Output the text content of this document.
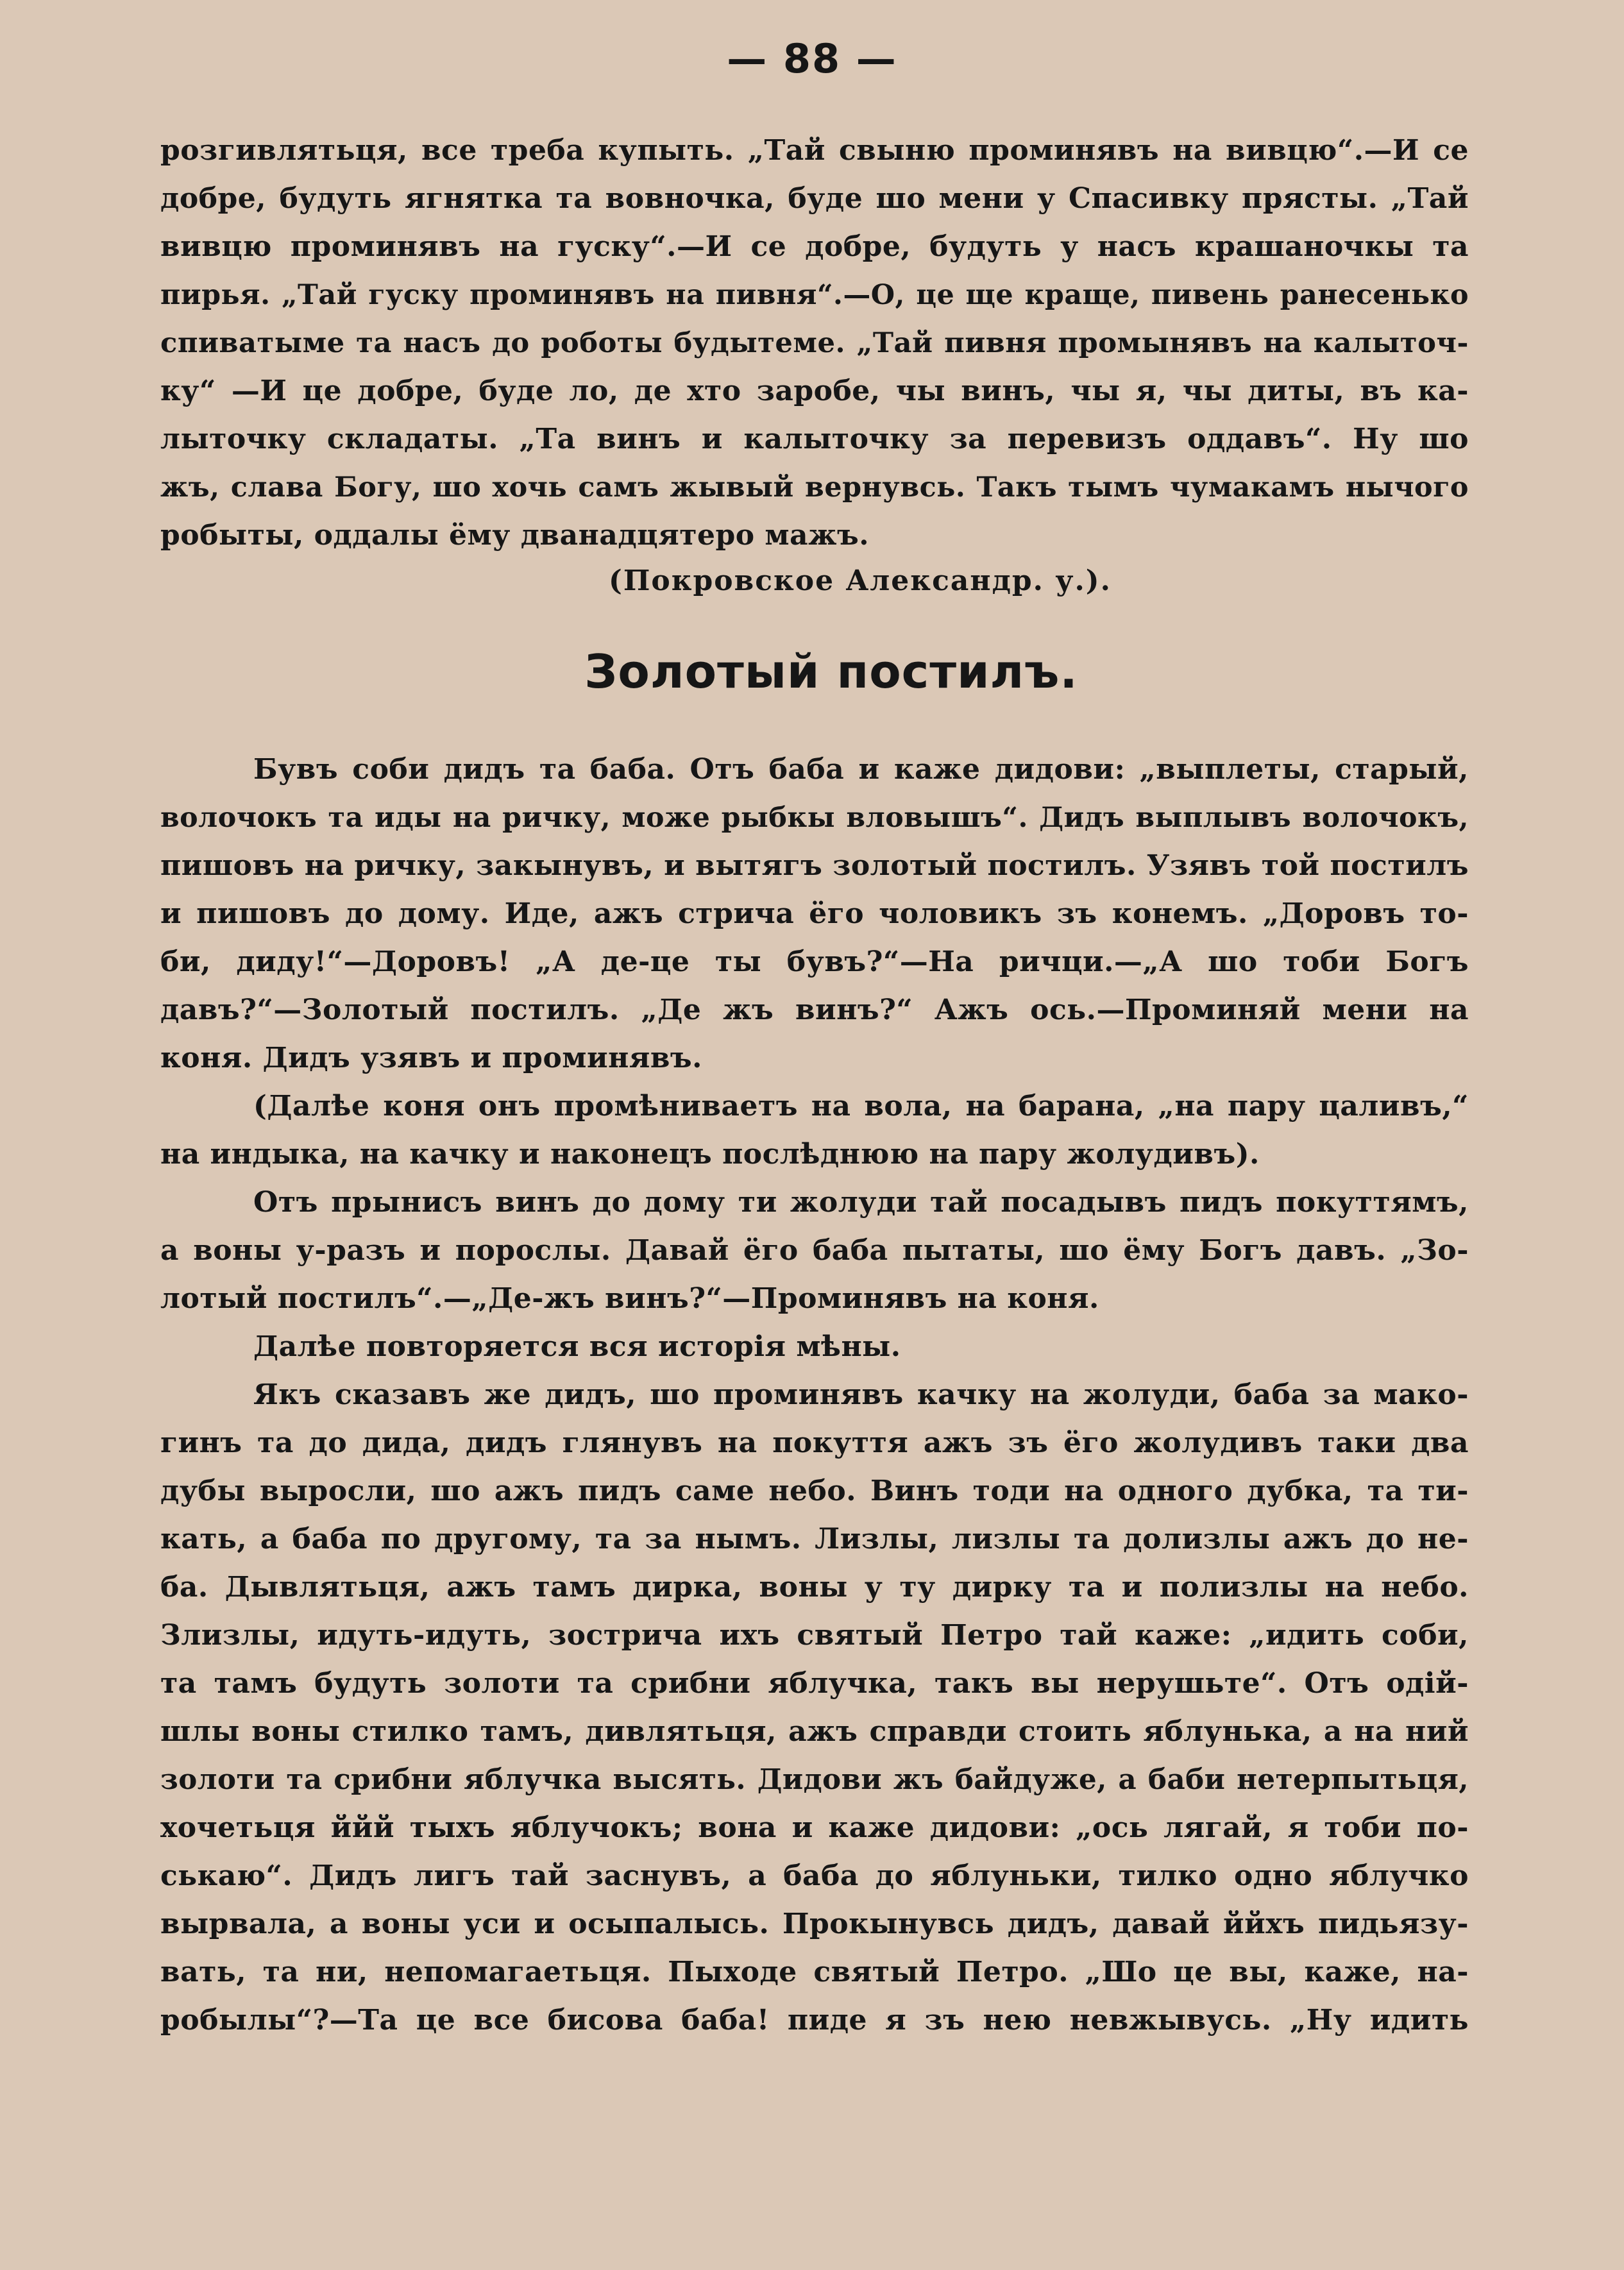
— 88 —
розгивлятьця, все треба купыть. „Тай свыню проминявъ на вивцю“.—И се
добре, будуть ягнятка та вовночка, буде шо мени у Спасивку прясты. „Тай
вивцю проминявъ на гуску“.—И се добре, будуть у насъ крашаночкы та
пирья. „Тай гуску проминявъ на пивня“.—О, це ще краще, пивень ранесенько
спиватыме та насъ до роботы будытеме. „Тай пивня промынявъ на калыточ-
ку“ —И це добре, буде ло, де хто заробе, чы винъ, чы я, чы диты, въ ка-
лыточку складаты. „Та винъ и калыточку за перевизъ оддавъ“. Ну шо
жъ, слава Богу, шо хочь самъ жывый вернувсь. Такъ тымъ чумакамъ нычого
робыты, оддалы ёму дванадцятеро мажъ.
(Покровское Александр. у.).
Золотый постилъ.
Бувъ соби дидъ та баба. Отъ баба и каже дидови: „выплеты, старый,
волочокъ та иды на ричку, може рыбкы вловышъ“. Дидъ выплывъ волочокъ,
пишовъ на ричку, закынувъ, и вытягъ золотый постилъ. Узявъ той постилъ
и пишовъ до дому. Иде, ажъ стрича ёго чоловикъ зъ конемъ. „Доровъ то-
би, диду!“—Доровъ! „А де-це ты бувъ?“—На ричци.—„А шо тоби Богъ
давъ?“—Золотый постилъ. „Де жъ винъ?“ Ажъ ось.—Проминяй мени на
коня. Дидъ узявъ и проминявъ.
(Далѣе коня онъ промѣниваетъ на вола, на барана, „на пару цаливъ,“
на индыка, на качку и наконецъ послѣднюю на пару жолудивъ).
Отъ прынисъ винъ до дому ти жолуди тай посадывъ пидъ покуттямъ,
а воны у-разъ и порослы. Давай ёго баба пытаты, шо ёму Богъ давъ. „Зо-
лотый постилъ“.—„Де-жъ винъ?“—Проминявъ на коня.
Далѣе повторяется вся исторія мѣны.
Якъ сказавъ же дидъ, шо проминявъ качку на жолуди, баба за мако-
гинъ та до дида, дидъ глянувъ на покуття ажъ зъ ёго жолудивъ таки два
дубы выросли, шо ажъ пидъ саме небо. Винъ тоди на одного дубка, та ти-
кать, а баба по другому, та за нымъ. Лизлы, лизлы та долизлы ажъ до не-
ба. Дывлятьця, ажъ тамъ дирка, воны у ту дирку та и полизлы на небо.
Злизлы, идуть-идуть, зострича ихъ святый Петро тай каже: „идить соби,
та тамъ будуть золоти та срибни яблучка, такъ вы нерушьте“. Отъ одій-
шлы воны стилко тамъ, дивлятьця, ажъ справди стоить яблунька, а на ний
золоти та срибни яблучка высять. Дидови жъ байдуже, а баби нетерпытьця,
хочетьця ййй тыхъ яблучокъ; вона и каже дидови: „ось лягай, я тоби по-
ськаю“. Дидъ лигъ тай заснувъ, а баба до яблуньки, тилко одно яблучко
вырвала, а воны уси и осыпалысь. Прокынувсь дидъ, давай ййхъ пидьязу-
вать, та ни, непомагаетьця. Пыходе святый Петро. „Шо це вы, каже, на-
робылы“?—Та це все бисова баба! пиде я зъ нею невжывусь. „Ну идить
